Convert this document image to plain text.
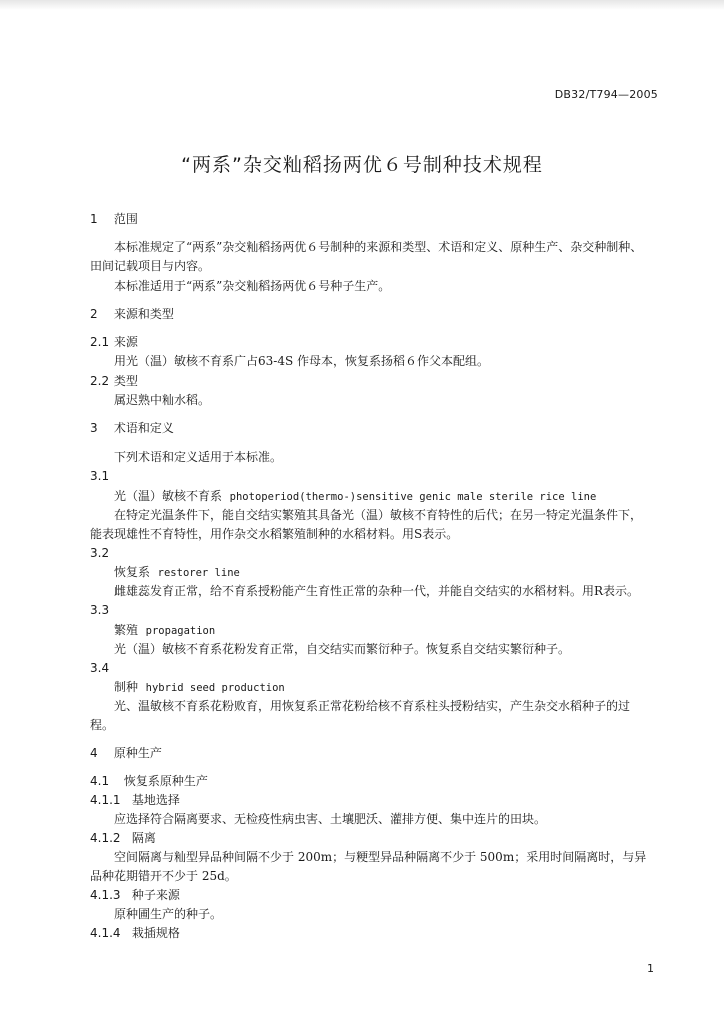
DB32/T794—2005
“两系”杂交籼稻扬两优６号制种技术规程
1 范围
本标准规定了“两系”杂交籼稻扬两优６号制种的来源和类型、术语和定义、原种生产、杂交种制种、
田间记载项目与内容。
本标准适用于“两系”杂交籼稻扬两优６号种子生产。
2 来源和类型
2.1 来源
用光（温）敏核不育系广占63-4S 作母本，恢复系扬稻６作父本配组。
2.2 类型
属迟熟中籼水稻。
3 术语和定义
下列术语和定义适用于本标准。
3.1
光（温）敏核不育系 photoperiod(thermo-)sensitive genic male sterile rice line
在特定光温条件下，能自交结实繁殖其具备光（温）敏核不育特性的后代；在另一特定光温条件下，
能表现雄性不育特性，用作杂交水稻繁殖制种的水稻材料。用S表示。
3.2
恢复系 restorer line
雌雄蕊发育正常，给不育系授粉能产生育性正常的杂种一代，并能自交结实的水稻材料。用R表示。
3.3
繁殖 propagation
光（温）敏核不育系花粉发育正常，自交结实而繁衍种子。恢复系自交结实繁衍种子。
3.4
制种 hybrid seed production
光、温敏核不育系花粉败育，用恢复系正常花粉给核不育系柱头授粉结实，产生杂交水稻种子的过
程。
4 原种生产
4.1 恢复系原种生产
4.1.1 基地选择
应选择符合隔离要求、无检疫性病虫害、土壤肥沃、灌排方便、集中连片的田块。
4.1.2 隔离
空间隔离与籼型异品种间隔不少于 200m；与粳型异品种隔离不少于 500m；采用时间隔离时，与异
品种花期错开不少于 25d。
4.1.3 种子来源
原种圃生产的种子。
4.1.4 栽插规格
1
